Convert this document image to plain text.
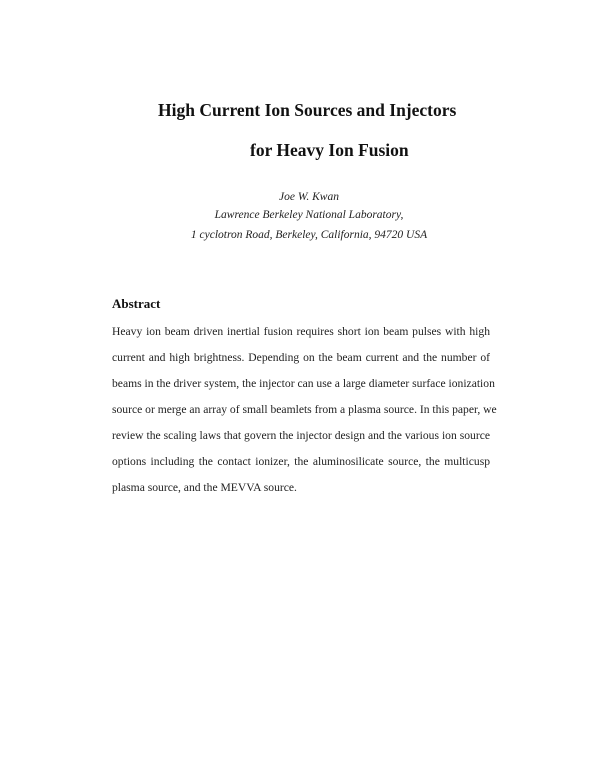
High Current Ion Sources and Injectors
for Heavy Ion Fusion
Joe W. Kwan
Lawrence Berkeley National Laboratory,
1 cyclotron Road, Berkeley, California, 94720 USA
Abstract
Heavy ion beam driven inertial fusion requires short ion beam pulses with high
current and high brightness. Depending on the beam current and the number of
beams in the driver system, the injector can use a large diameter surface ionization
source or merge an array of small beamlets from a plasma source. In this paper, we
review the scaling laws that govern the injector design and the various ion source
options including the contact ionizer, the aluminosilicate source, the multicusp
plasma source, and the MEVVA source.
